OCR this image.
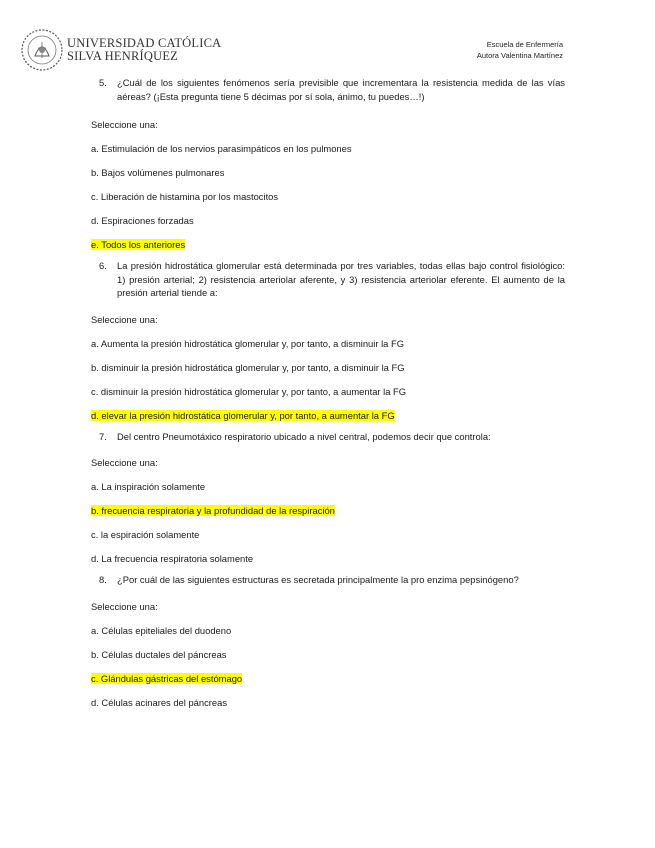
UNIVERSIDAD CATÓLICA
SILVA HENRÍQUEZ
Escuela de Enfermería
Autora Valentina Martínez

5. ¿Cuál de los siguientes fenómenos sería previsible que incrementara la resistencia medida de las vías aéreas? (¡Esta pregunta tiene 5 décimas por sí sola, ánimo, tu puedes…!)

Seleccione una:

a. Estimulación de los nervios parasimpáticos en los pulmones

b. Bajos volúmenes pulmonares

c. Liberación de histamina por los mastocitos

d. Espiraciones forzadas

e. Todos los anteriores

6. La presión hidrostática glomerular está determinada por tres variables, todas ellas bajo control fisiológico: 1) presión arterial; 2) resistencia arteriolar aferente, y 3) resistencia arteriolar eferente. El aumento de la presión arterial tiende a:

Seleccione una:

a. Aumenta la presión hidrostática glomerular y, por tanto, a disminuir la FG

b. disminuir la presión hidrostática glomerular y, por tanto, a disminuir la FG

c. disminuir la presión hidrostática glomerular y, por tanto, a aumentar la FG

d. elevar la presión hidrostática glomerular y, por tanto, a aumentar la FG

7. Del centro Pneumotáxico respiratorio ubicado a nivel central, podemos decir que controla:

Seleccione una:

a. La inspiración solamente

b. frecuencia respiratoria y la profundidad de la respiración

c. la espiración solamente

d. La frecuencia respiratoria solamente

8. ¿Por cuál de las siguientes estructuras es secretada principalmente la pro enzima pepsinógeno?

Seleccione una:

a. Células epiteliales del duodeno

b. Células ductales del páncreas

c. Glándulas gástricas del estómago

d. Células acinares del páncreas
